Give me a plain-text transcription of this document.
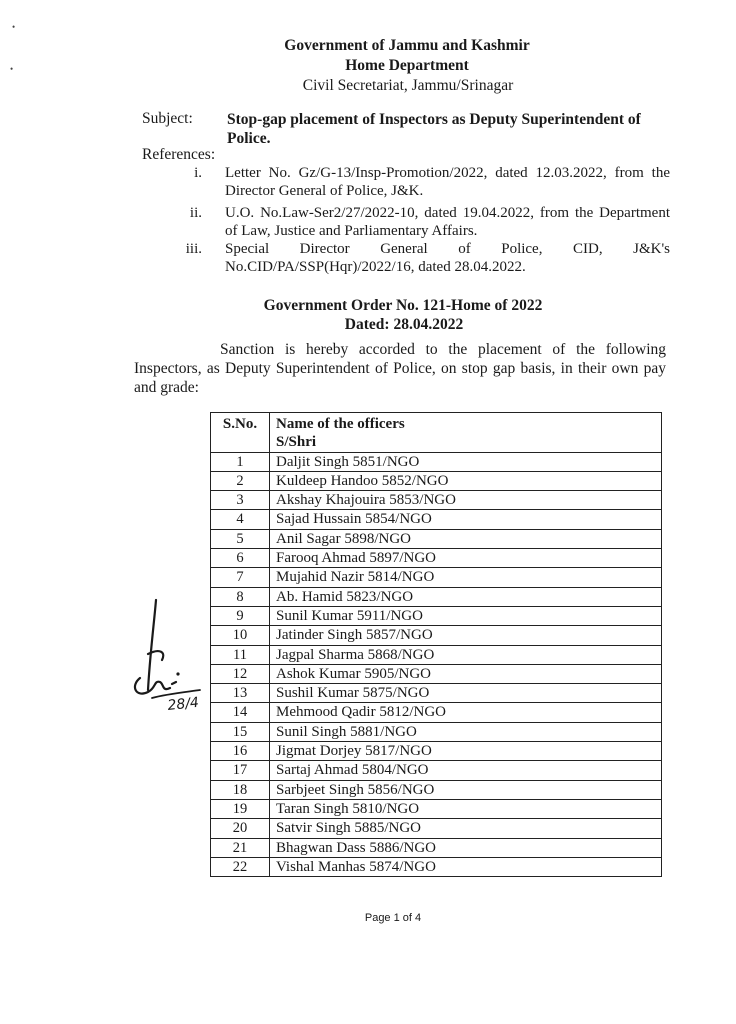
•
•
Government of Jammu and Kashmir
Home Department
Civil Secretariat, Jammu/Srinagar
Subject: Stop-gap placement of Inspectors as Deputy Superintendent of Police.
References:
i. Letter No. Gz/G-13/Insp-Promotion/2022, dated 12.03.2022, from the Director General of Police, J&K.
ii. U.O. No.Law-Ser2/27/2022-10, dated 19.04.2022, from the Department of Law, Justice and Parliamentary Affairs.
iii. Special Director General of Police, CID, J&K's No.CID/PA/SSP(Hqr)/2022/16, dated 28.04.2022.
Government Order No. 121-Home of 2022
Dated: 28.04.2022
Sanction is hereby accorded to the placement of the following Inspectors, as Deputy Superintendent of Police, on stop gap basis, in their own pay and grade:
S.No.	Name of the officers
S/Shri

1	Daljit Singh 5851/NGO
2	Kuldeep Handoo 5852/NGO
3	Akshay Khajouira 5853/NGO
4	Sajad Hussain 5854/NGO
5	Anil Sagar 5898/NGO
6	Farooq Ahmad 5897/NGO
7	Mujahid Nazir 5814/NGO
8	Ab. Hamid 5823/NGO
9	Sunil Kumar 5911/NGO
10	Jatinder Singh 5857/NGO
11	Jagpal Sharma 5868/NGO
12	Ashok Kumar 5905/NGO
13	Sushil Kumar 5875/NGO
14	Mehmood Qadir 5812/NGO
15	Sunil Singh 5881/NGO
16	Jigmat Dorjey 5817/NGO
17	Sartaj Ahmad 5804/NGO
18	Sarbjeet Singh 5856/NGO
19	Taran Singh 5810/NGO
20	Satvir Singh 5885/NGO
21	Bhagwan Dass 5886/NGO
22	Vishal Manhas 5874/NGO
28/4
Page 1 of 4
